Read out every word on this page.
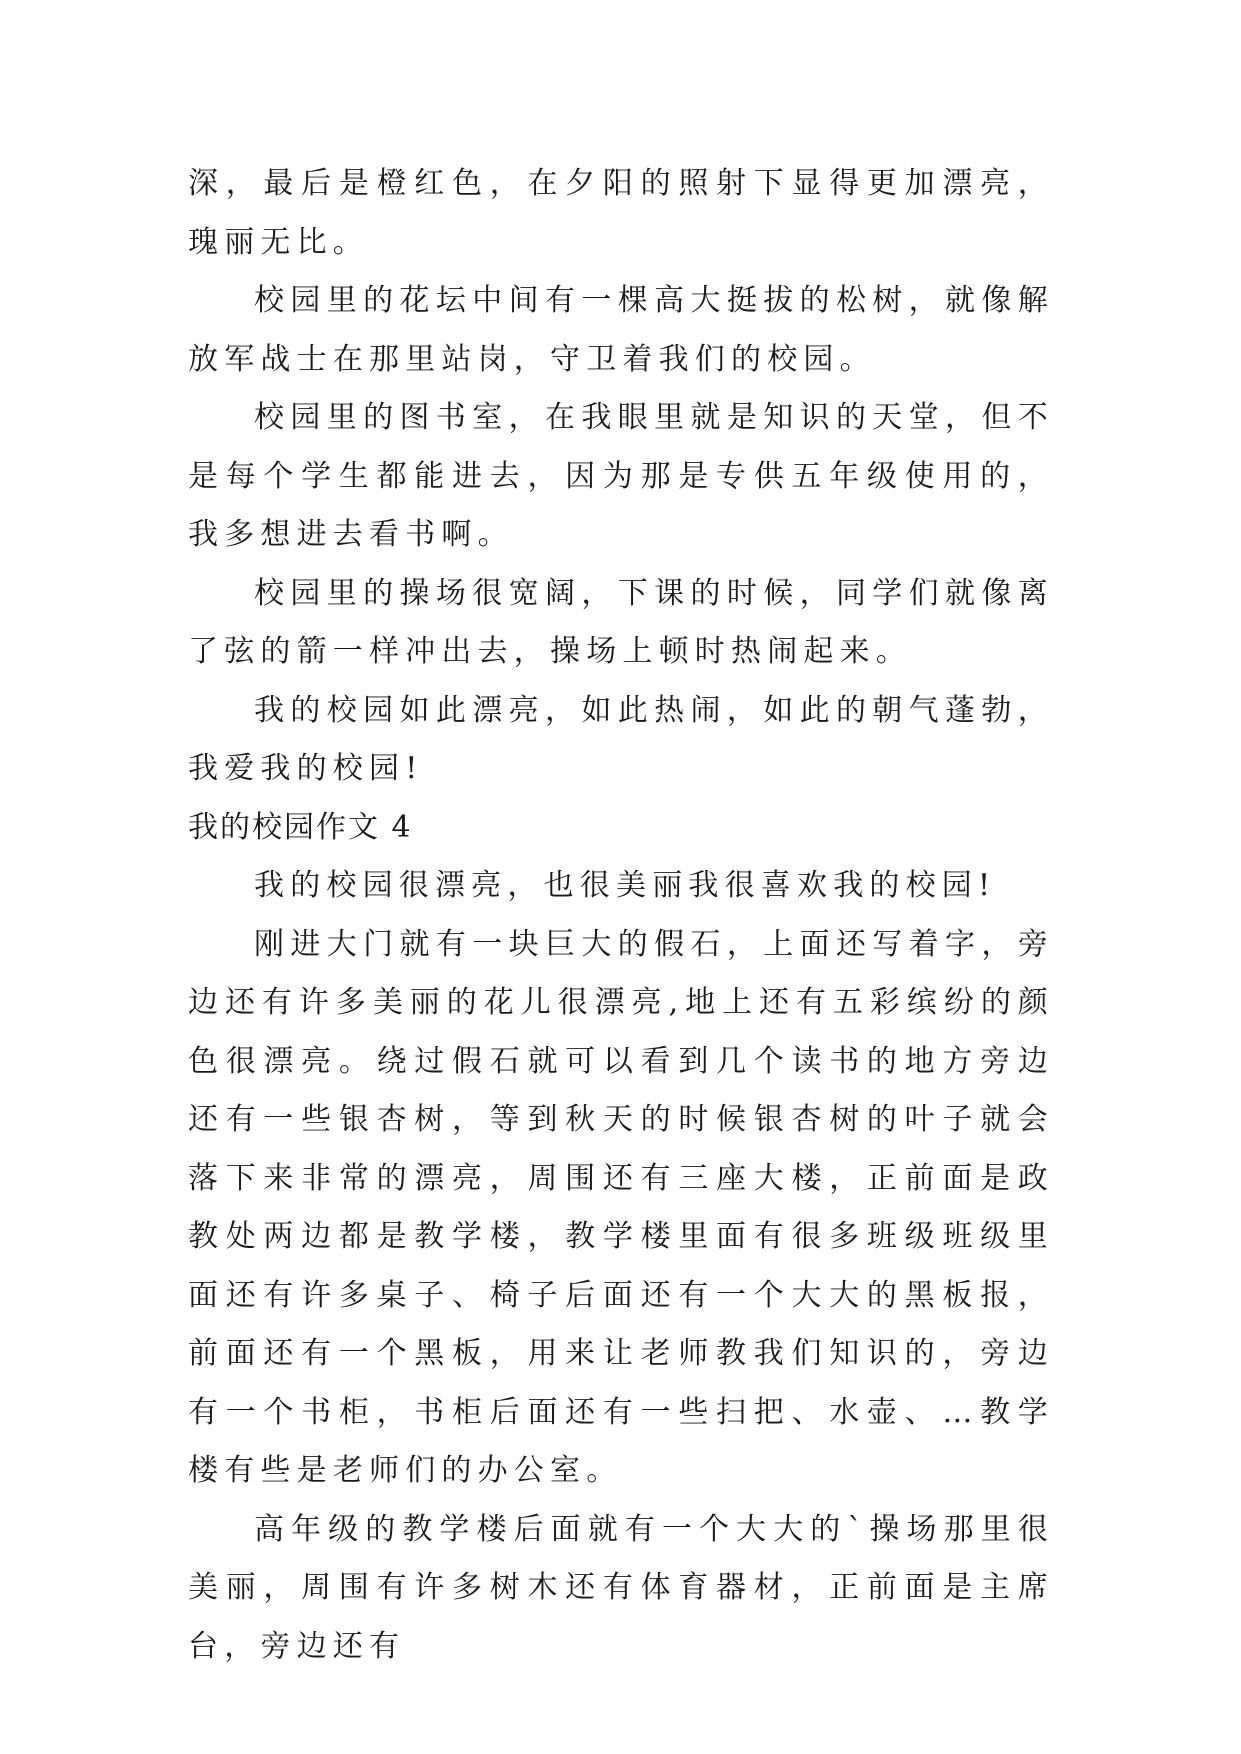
深，最后是橙红色，在夕阳的照射下显得更加漂亮，瑰丽无比。

校园里的花坛中间有一棵高大挺拔的松树，就像解放军战士在那里站岗，守卫着我们的校园。

校园里的图书室，在我眼里就是知识的天堂，但不是每个学生都能进去，因为那是专供五年级使用的，我多想进去看书啊。

校园里的操场很宽阔，下课的时候，同学们就像离了弦的箭一样冲出去，操场上顿时热闹起来。

我的校园如此漂亮，如此热闹，如此的朝气蓬勃，我爱我的校园!

我的校园作文 4

我的校园很漂亮，也很美丽我很喜欢我的校园!

刚进大门就有一块巨大的假石，上面还写着字，旁边还有许多美丽的花儿很漂亮,地上还有五彩缤纷的颜色很漂亮。绕过假石就可以看到几个读书的地方旁边还有一些银杏树，等到秋天的时候银杏树的叶子就会落下来非常的漂亮，周围还有三座大楼，正前面是政教处两边都是教学楼，教学楼里面有很多班级班级里面还有许多桌子、椅子后面还有一个大大的黑板报，前面还有一个黑板，用来让老师教我们知识的，旁边有一个书柜，书柜后面还有一些扫把、水壶、…教学楼有些是老师们的办公室。

高年级的教学楼后面就有一个大大的`操场那里很美丽，周围有许多树木还有体育器材，正前面是主席台，旁边还有
